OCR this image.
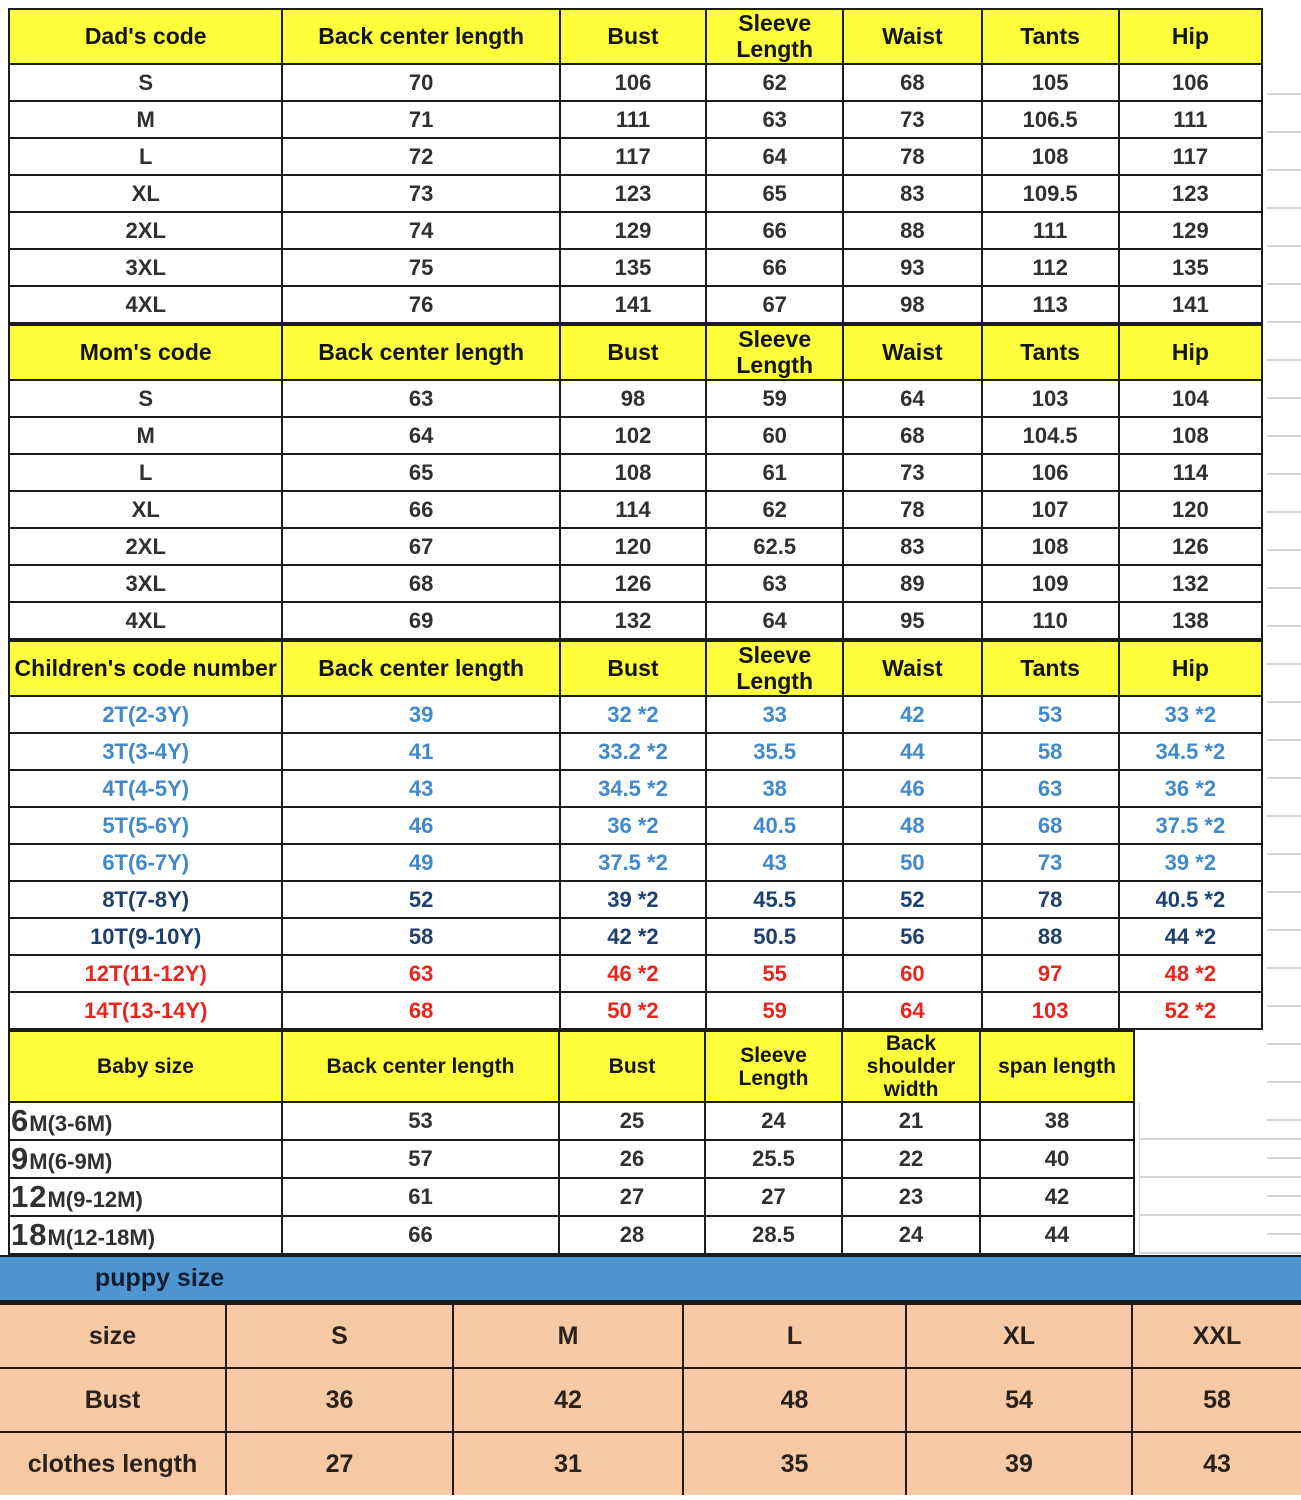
Dad's code	Back center length	Bust	Sleeve Length	Waist	Tants	Hip
S	70	106	62	68	105	106
M	71	111	63	73	106.5	111
L	72	117	64	78	108	117
XL	73	123	65	83	109.5	123
2XL	74	129	66	88	111	129
3XL	75	135	66	93	112	135
4XL	76	141	67	98	113	141
Mom's code	Back center length	Bust	Sleeve Length	Waist	Tants	Hip
S	63	98	59	64	103	104
M	64	102	60	68	104.5	108
L	65	108	61	73	106	114
XL	66	114	62	78	107	120
2XL	67	120	62.5	83	108	126
3XL	68	126	63	89	109	132
4XL	69	132	64	95	110	138
Children's code number	Back center length	Bust	Sleeve Length	Waist	Tants	Hip
2T(2-3Y)	39	32 *2	33	42	53	33 *2
3T(3-4Y)	41	33.2 *2	35.5	44	58	34.5 *2
4T(4-5Y)	43	34.5 *2	38	46	63	36 *2
5T(5-6Y)	46	36 *2	40.5	48	68	37.5 *2
6T(6-7Y)	49	37.5 *2	43	50	73	39 *2
8T(7-8Y)	52	39 *2	45.5	52	78	40.5 *2
10T(9-10Y)	58	42 *2	50.5	56	88	44 *2
12T(11-12Y)	63	46 *2	55	60	97	48 *2
14T(13-14Y)	68	50 *2	59	64	103	52 *2
Baby size	Back center length	Bust	Sleeve Length	Back shoulder width	span length
6M(3-6M)	53	25	24	21	38
9M(6-9M)	57	26	25.5	22	40
12M(9-12M)	61	27	27	23	42
18M(12-18M)	66	28	28.5	24	44
puppy size
size	S	M	L	XL	XXL
Bust	36	42	48	54	58
clothes length	27	31	35	39	43
